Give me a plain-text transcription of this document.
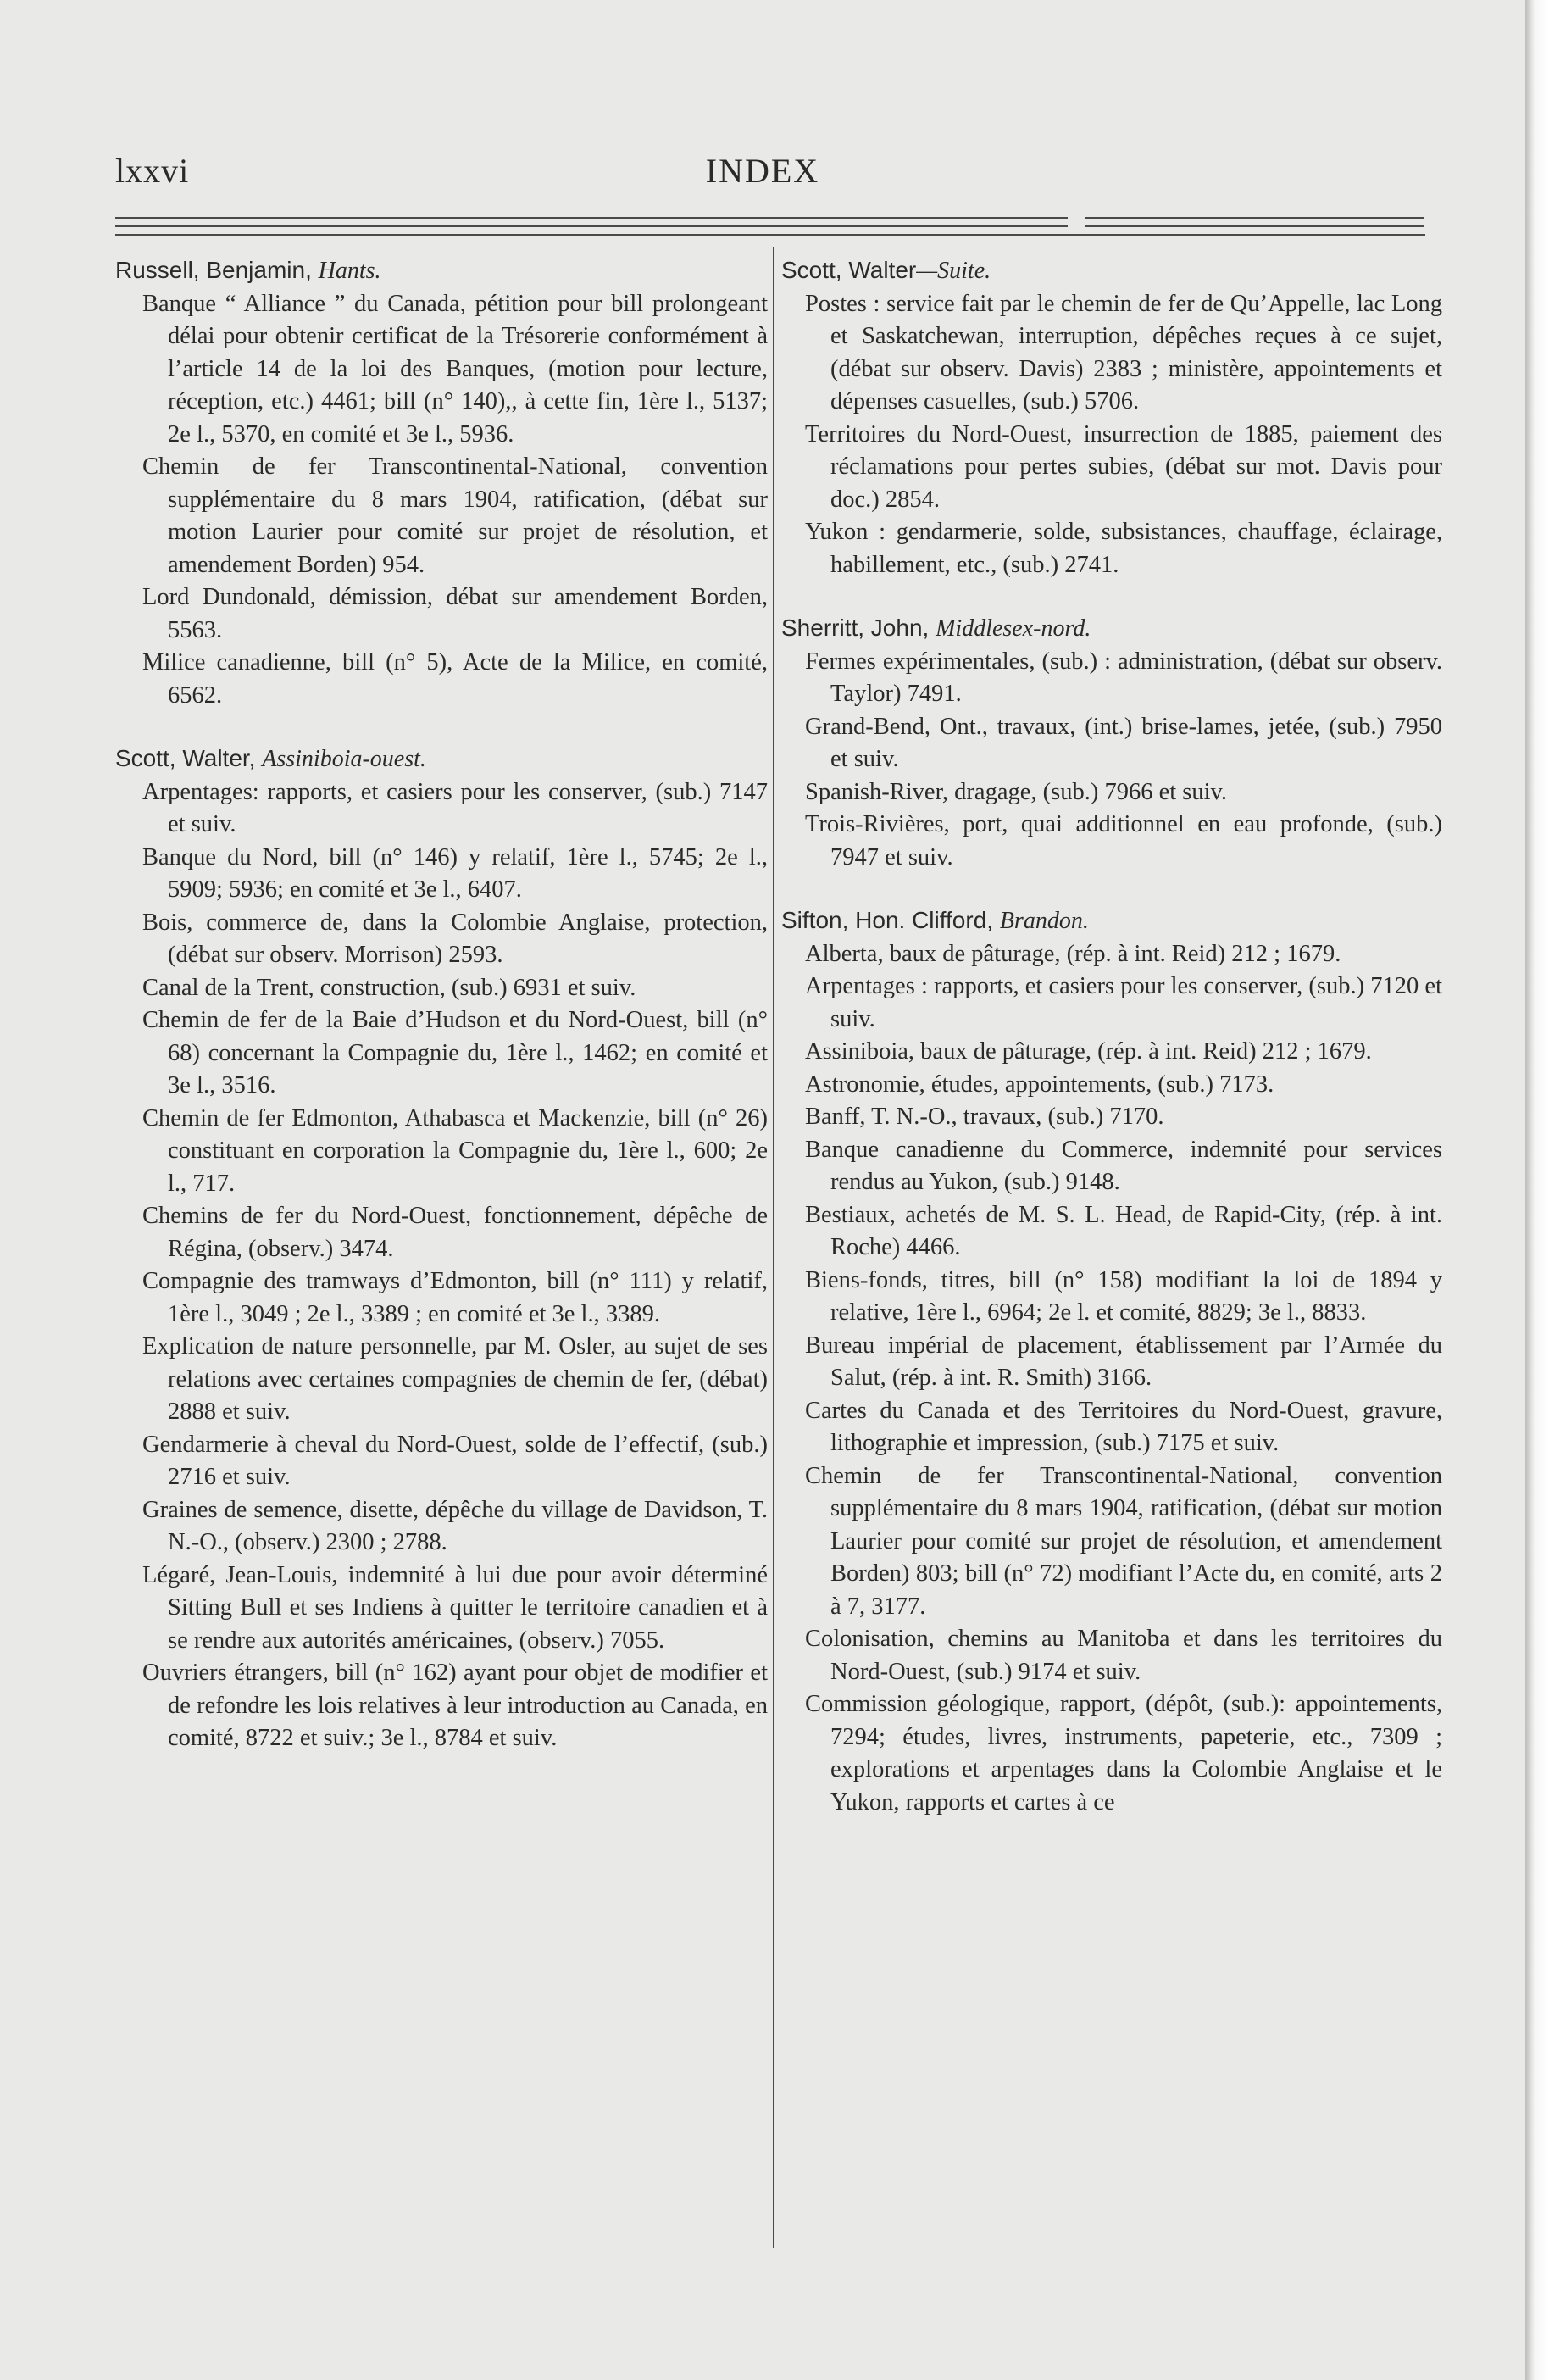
lxxvi	INDEX
Russell, Benjamin, Hants.
Banque “ Alliance ” du Canada, pétition pour bill prolongeant délai pour obtenir certificat de la Trésorerie conformément à l’article 14 de la loi des Banques, (motion pour lecture, réception, etc.) 4461; bill (n° 140),, à cette fin, 1ère l., 5137; 2e l., 5370, en comité et 3e l., 5936.
Chemin de fer Transcontinental-National, convention supplémentaire du 8 mars 1904, ratification, (débat sur motion Laurier pour comité sur projet de résolution, et amendement Borden) 954.
Lord Dundonald, démission, débat sur amendement Borden, 5563.
Milice canadienne, bill (n° 5), Acte de la Milice, en comité, 6562.
Scott, Walter, Assiniboia-ouest.
Arpentages: rapports, et casiers pour les conserver, (sub.) 7147 et suiv.
Banque du Nord, bill (n° 146) y relatif, 1ère l., 5745; 2e l., 5909; 5936; en comité et 3e l., 6407.
Bois, commerce de, dans la Colombie Anglaise, protection, (débat sur observ. Morrison) 2593.
Canal de la Trent, construction, (sub.) 6931 et suiv.
Chemin de fer de la Baie d’Hudson et du Nord-Ouest, bill (n° 68) concernant la Compagnie du, 1ère l., 1462; en comité et 3e l., 3516.
Chemin de fer Edmonton, Athabasca et Mackenzie, bill (n° 26) constituant en corporation la Compagnie du, 1ère l., 600; 2e l., 717.
Chemins de fer du Nord-Ouest, fonctionnement, dépêche de Régina, (observ.) 3474.
Compagnie des tramways d’Edmonton, bill (n° 111) y relatif, 1ère l., 3049 ; 2e l., 3389 ; en comité et 3e l., 3389.
Explication de nature personnelle, par M. Osler, au sujet de ses relations avec certaines compagnies de chemin de fer, (débat) 2888 et suiv.
Gendarmerie à cheval du Nord-Ouest, solde de l’effectif, (sub.) 2716 et suiv.
Graines de semence, disette, dépêche du village de Davidson, T. N.-O., (observ.) 2300 ; 2788.
Légaré, Jean-Louis, indemnité à lui due pour avoir déterminé Sitting Bull et ses Indiens à quitter le territoire canadien et à se rendre aux autorités américaines, (observ.) 7055.
Ouvriers étrangers, bill (n° 162) ayant pour objet de modifier et de refondre les lois relatives à leur introduction au Canada, en comité, 8722 et suiv.; 3e l., 8784 et suiv.
Scott, Walter—Suite.
Postes : service fait par le chemin de fer de Qu’Appelle, lac Long et Saskatchewan, interruption, dépêches reçues à ce sujet, (débat sur observ. Davis) 2383 ; ministère, appointements et dépenses casuelles, (sub.) 5706.
Territoires du Nord-Ouest, insurrection de 1885, paiement des réclamations pour pertes subies, (débat sur mot. Davis pour doc.) 2854.
Yukon : gendarmerie, solde, subsistances, chauffage, éclairage, habillement, etc., (sub.) 2741.
Sherritt, John, Middlesex-nord.
Fermes expérimentales, (sub.) : administration, (débat sur observ. Taylor) 7491.
Grand-Bend, Ont., travaux, (int.) brise-lames, jetée, (sub.) 7950 et suiv.
Spanish-River, dragage, (sub.) 7966 et suiv.
Trois-Rivières, port, quai additionnel en eau profonde, (sub.) 7947 et suiv.
Sifton, Hon. Clifford, Brandon.
Alberta, baux de pâturage, (rép. à int. Reid) 212 ; 1679.
Arpentages : rapports, et casiers pour les conserver, (sub.) 7120 et suiv.
Assiniboia, baux de pâturage, (rép. à int. Reid) 212 ; 1679.
Astronomie, études, appointements, (sub.) 7173.
Banff, T. N.-O., travaux, (sub.) 7170.
Banque canadienne du Commerce, indemnité pour services rendus au Yukon, (sub.) 9148.
Bestiaux, achetés de M. S. L. Head, de Rapid-City, (rép. à int. Roche) 4466.
Biens-fonds, titres, bill (n° 158) modifiant la loi de 1894 y relative, 1ère l., 6964; 2e l. et comité, 8829; 3e l., 8833.
Bureau impérial de placement, établissement par l’Armée du Salut, (rép. à int. R. Smith) 3166.
Cartes du Canada et des Territoires du Nord-Ouest, gravure, lithographie et impression, (sub.) 7175 et suiv.
Chemin de fer Transcontinental-National, convention supplémentaire du 8 mars 1904, ratification, (débat sur motion Laurier pour comité sur projet de résolution, et amendement Borden) 803; bill (n° 72) modifiant l’Acte du, en comité, arts 2 à 7, 3177.
Colonisation, chemins au Manitoba et dans les territoires du Nord-Ouest, (sub.) 9174 et suiv.
Commission géologique, rapport, (dépôt, (sub.): appointements, 7294; études, livres, instruments, papeterie, etc., 7309 ; explorations et arpentages dans la Colombie Anglaise et le Yukon, rapports et cartes à ce
